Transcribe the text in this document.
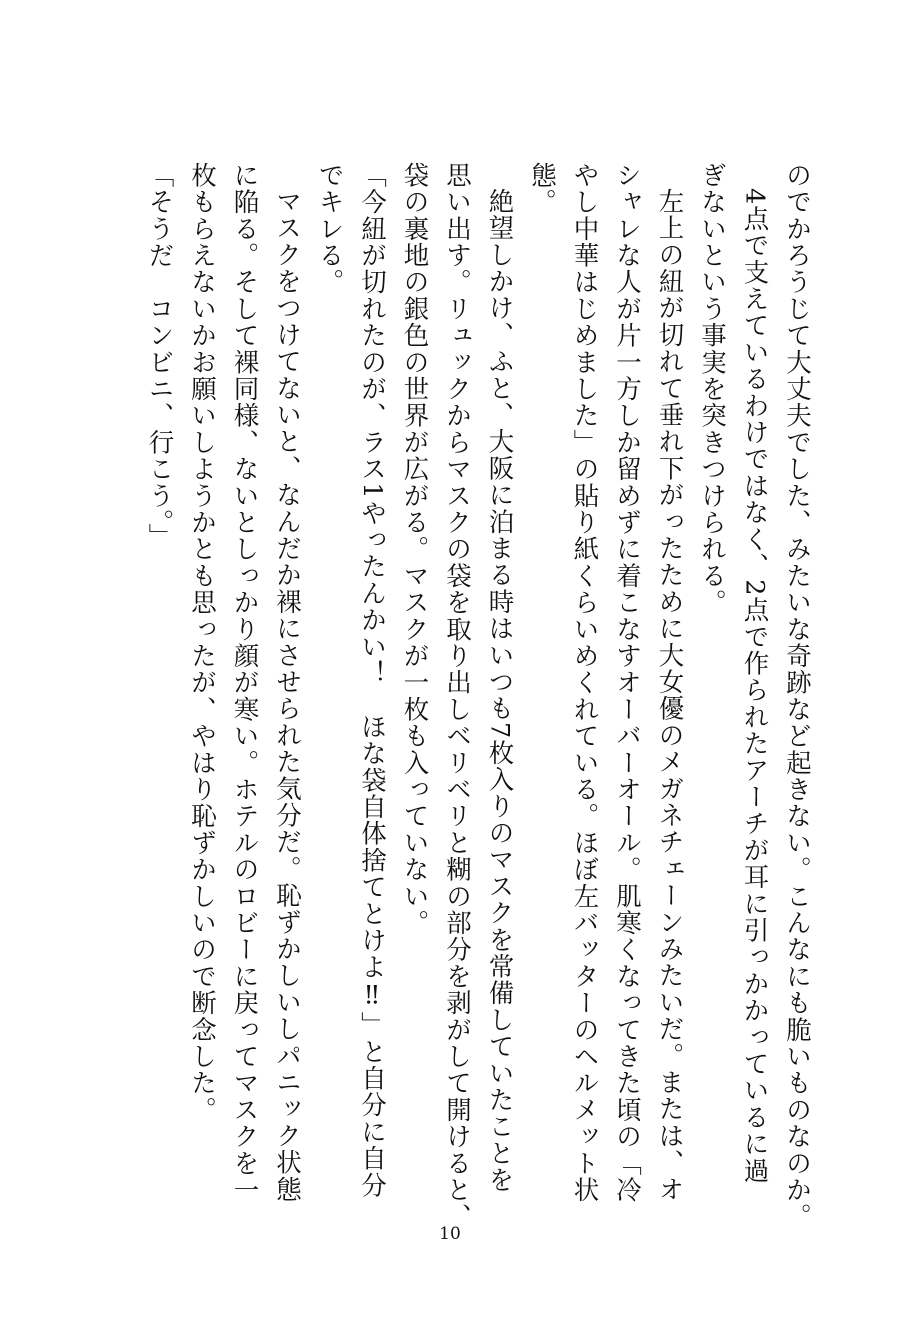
のでかろうじて大丈夫でした、みたいな奇跡など起きない。こんなにも脆いものなのか。

4点で支えているわけではなく、2点で作られたアーチが耳に引っかかっているに過

ぎないという事実を突きつけられる。

左上の紐が切れて垂れ下がったために大女優のメガネチェーンみたいだ。または、オ

シャレな人が片一方しか留めずに着こなすオーバーオール。肌寒くなってきた頃の「冷

やし中華はじめました」の貼り紙くらいめくれている。ほぼ左バッターのヘルメット状

態。

絶望しかけ、ふと、大阪に泊まる時はいつも7枚入りのマスクを常備していたことを

思い出す。リュックからマスクの袋を取り出しベリベリと糊の部分を剥がして開けると、

袋の裏地の銀色の世界が広がる。マスクが一枚も入っていない。

「今紐が切れたのが、ラス1やったんかい！　ほな袋自体捨てとけよ‼」と自分に自分

でキレる。

マスクをつけてないと、なんだか裸にさせられた気分だ。恥ずかしいしパニック状態

に陥る。そして裸同様、ないとしっかり顔が寒い。ホテルのロビーに戻ってマスクを一

枚もらえないかお願いしようかとも思ったが、やはり恥ずかしいので断念した。

「そうだ　コンビニ、行こう。」

10
